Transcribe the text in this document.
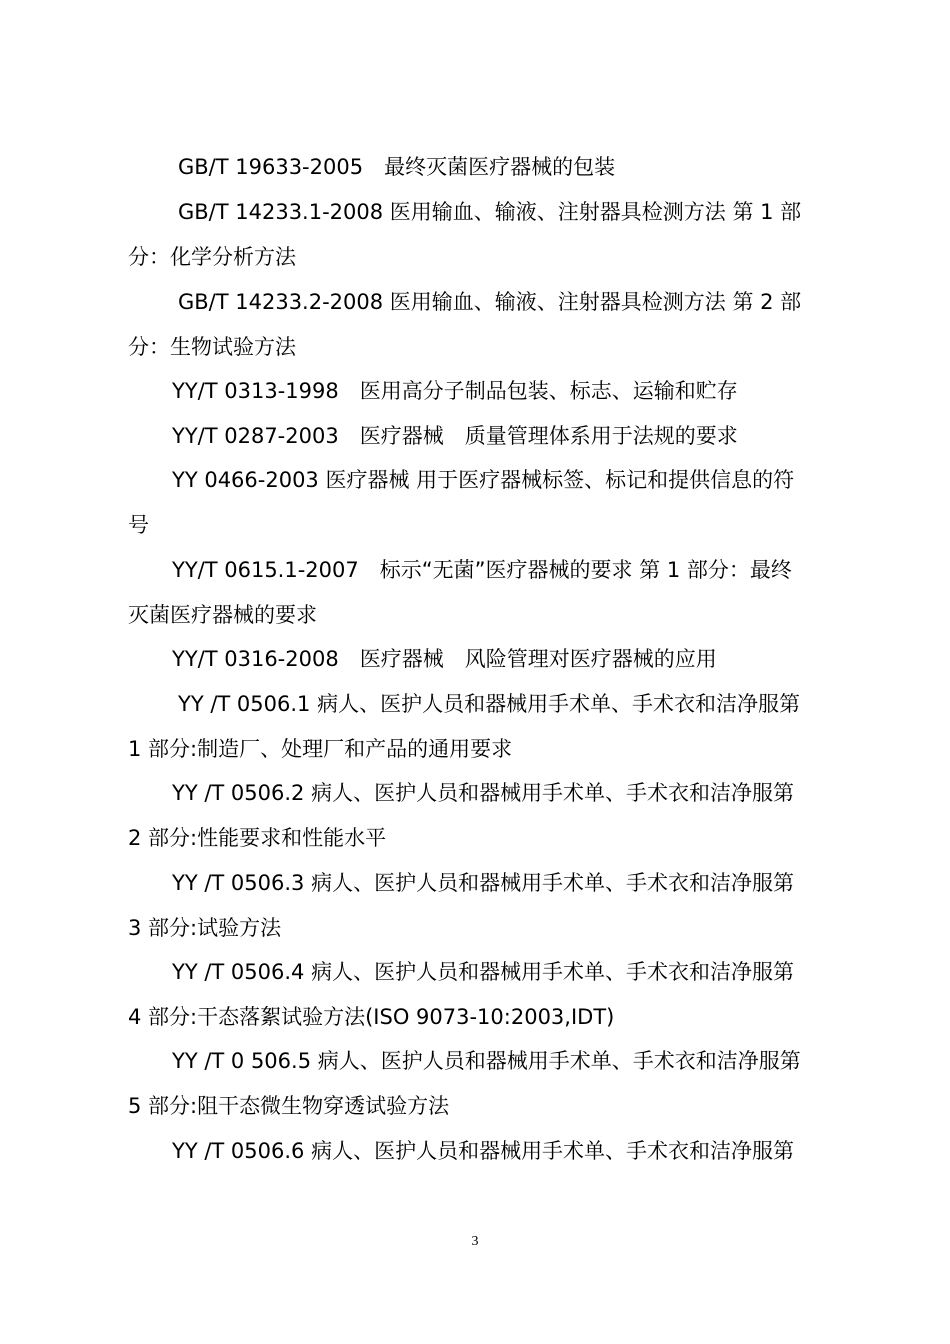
GB/T 19633-2005　最终灭菌医疗器械的包装
GB/T 14233.1-2008 医用输血、输液、注射器具检测方法 第 1 部
分：化学分析方法
GB/T 14233.2-2008 医用输血、输液、注射器具检测方法 第 2 部
分：生物试验方法
YY/T 0313-1998　医用高分子制品包装、标志、运输和贮存
YY/T 0287-2003　医疗器械　质量管理体系用于法规的要求
YY 0466-2003 医疗器械 用于医疗器械标签、标记和提供信息的符
号
YY/T 0615.1-2007　标示“无菌”医疗器械的要求 第 1 部分：最终
灭菌医疗器械的要求
YY/T 0316-2008　医疗器械　风险管理对医疗器械的应用
YY /T 0506.1 病人、医护人员和器械用手术单、手术衣和洁净服第
1 部分:制造厂、处理厂和产品的通用要求
YY /T 0506.2 病人、医护人员和器械用手术单、手术衣和洁净服第
2 部分:性能要求和性能水平
YY /T 0506.3 病人、医护人员和器械用手术单、手术衣和洁净服第
3 部分:试验方法
YY /T 0506.4 病人、医护人员和器械用手术单、手术衣和洁净服第
4 部分:干态落絮试验方法(ISO 9073-10:2003,IDT)
YY /T 0 506.5 病人、医护人员和器械用手术单、手术衣和洁净服第
5 部分:阻干态微生物穿透试验方法
YY /T 0506.6 病人、医护人员和器械用手术单、手术衣和洁净服第
3
